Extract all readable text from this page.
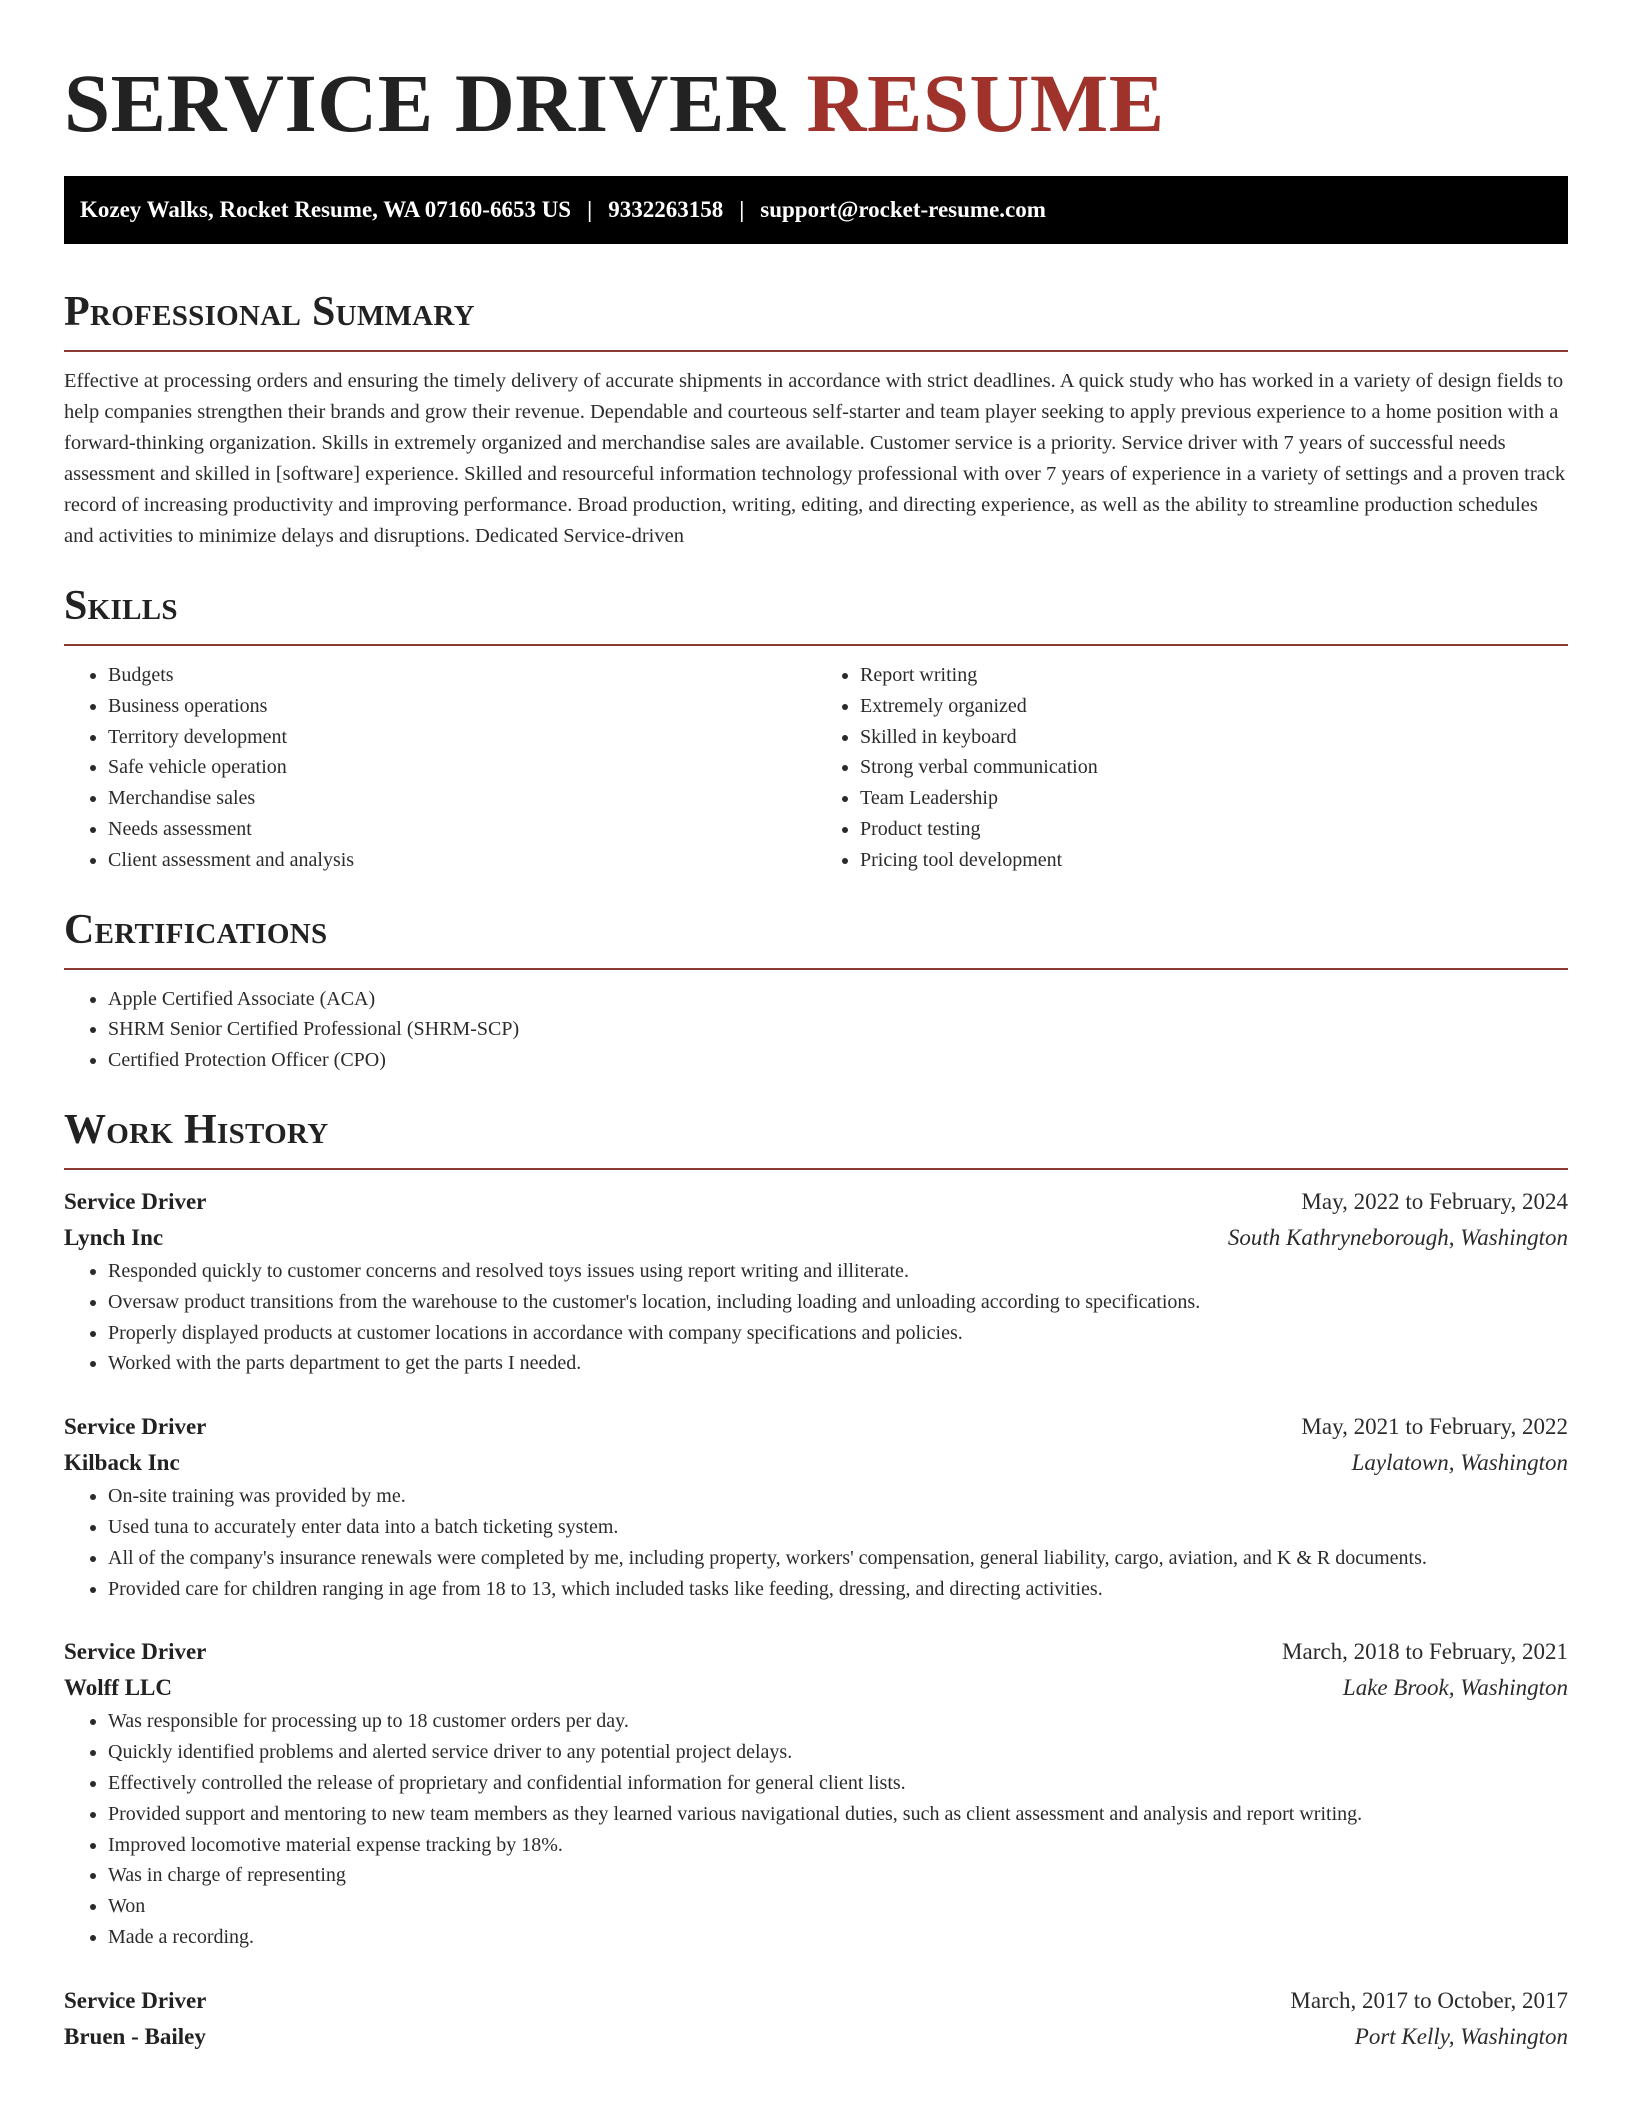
SERVICE DRIVER RESUME
Kozey Walks, Rocket Resume, WA 07160-6653 US | 9332263158 | support@rocket-resume.com
Professional Summary

Effective at processing orders and ensuring the timely delivery of accurate shipments in accordance with strict deadlines. A quick study who has worked in a variety of design fields to help companies strengthen their brands and grow their revenue. Dependable and courteous self-starter and team player seeking to apply previous experience to a home position with a forward-thinking organization. Skills in extremely organized and merchandise sales are available. Customer service is a priority. Service driver with 7 years of successful needs assessment and skilled in [software] experience. Skilled and resourceful information technology professional with over 7 years of experience in a variety of settings and a proven track record of increasing productivity and improving performance. Broad production, writing, editing, and directing experience, as well as the ability to streamline production schedules and activities to minimize delays and disruptions. Dedicated Service-driven

Skills
• Budgets
• Business operations
• Territory development
• Safe vehicle operation
• Merchandise sales
• Needs assessment
• Client assessment and analysis
• Report writing
• Extremely organized
• Skilled in keyboard
• Strong verbal communication
• Team Leadership
• Product testing
• Pricing tool development
Certifications
• Apple Certified Associate (ACA)
• SHRM Senior Certified Professional (SHRM-SCP)
• Certified Protection Officer (CPO)
Work History
Service Driver	May, 2022 to February, 2024
Lynch Inc	South Kathryneborough, Washington
• Responded quickly to customer concerns and resolved toys issues using report writing and illiterate.
• Oversaw product transitions from the warehouse to the customer's location, including loading and unloading according to specifications.
• Properly displayed products at customer locations in accordance with company specifications and policies.
• Worked with the parts department to get the parts I needed.
Service Driver	May, 2021 to February, 2022
Kilback Inc	Laylatown, Washington
• On-site training was provided by me.
• Used tuna to accurately enter data into a batch ticketing system.
• All of the company's insurance renewals were completed by me, including property, workers' compensation, general liability, cargo, aviation, and K & R documents.
• Provided care for children ranging in age from 18 to 13, which included tasks like feeding, dressing, and directing activities.
Service Driver	March, 2018 to February, 2021
Wolff LLC	Lake Brook, Washington
• Was responsible for processing up to 18 customer orders per day.
• Quickly identified problems and alerted service driver to any potential project delays.
• Effectively controlled the release of proprietary and confidential information for general client lists.
• Provided support and mentoring to new team members as they learned various navigational duties, such as client assessment and analysis and report writing.
• Improved locomotive material expense tracking by 18%.
• Was in charge of representing
• Won
• Made a recording.
Service Driver	March, 2017 to October, 2017
Bruen - Bailey	Port Kelly, Washington
